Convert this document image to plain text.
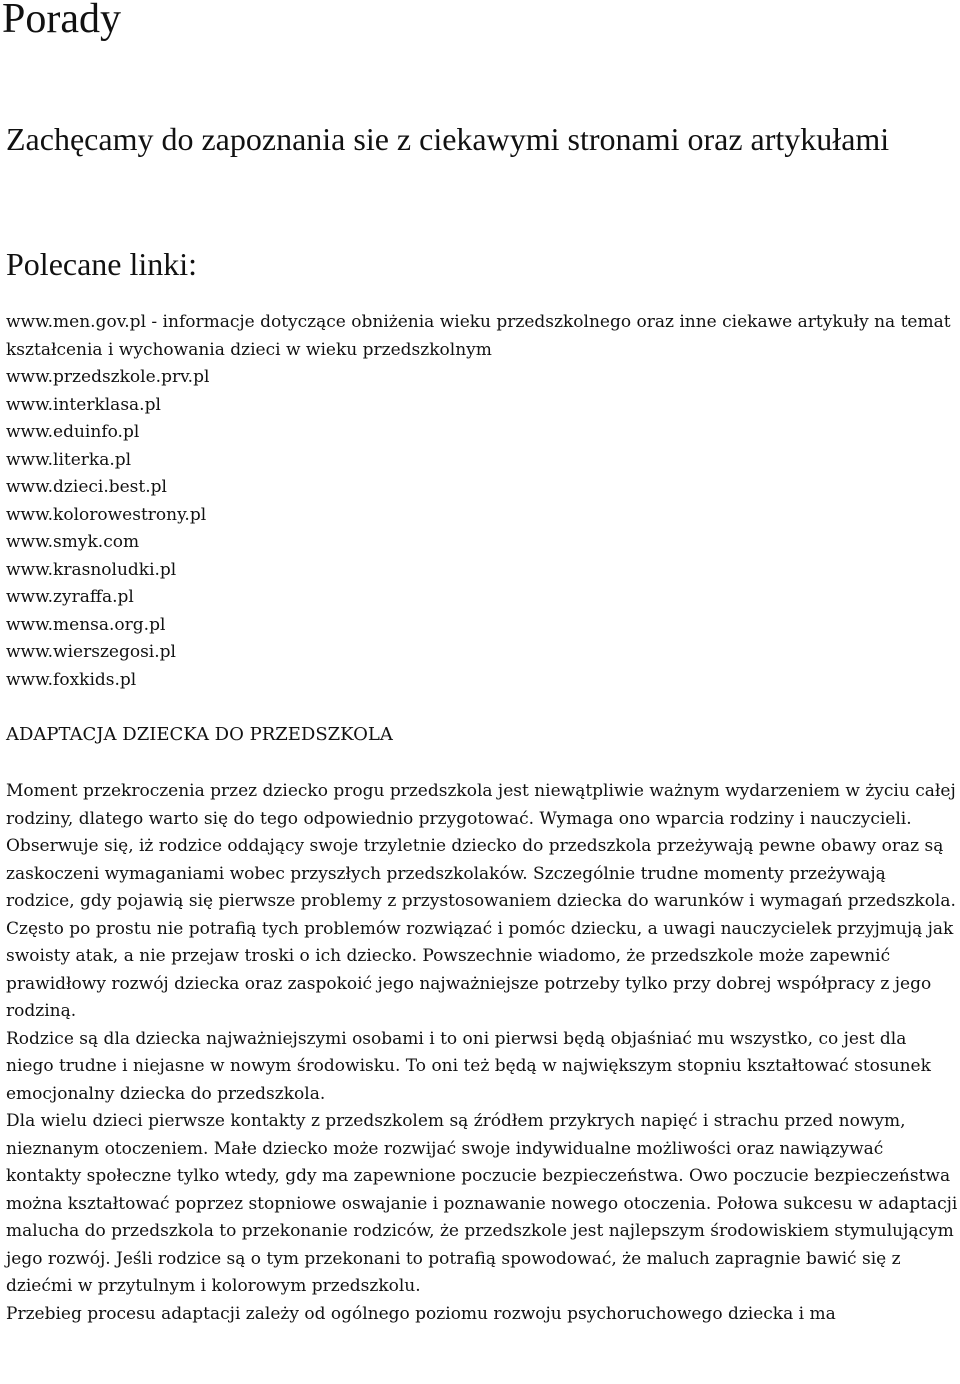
Porady
Zachęcamy do zapoznania sie z ciekawymi stronami oraz artykułami
Polecane linki:

www.men.gov.pl - informacje dotyczące obniżenia wieku przedszkolnego oraz inne ciekawe artykuły na temat kształcenia i wychowania dzieci w wieku przedszkolnym

www.przedszkole.prv.pl
www.interklasa.pl
www.eduinfo.pl
www.literka.pl
www.dzieci.best.pl
www.kolorowestrony.pl
www.smyk.com
www.krasnoludki.pl
www.zyraffa.pl
www.mensa.org.pl
www.wierszegosi.pl
www.foxkids.pl
ADAPTACJA DZIECKA DO PRZEDSZKOLA

Moment przekroczenia przez dziecko progu przedszkola jest niewątpliwie ważnym wydarzeniem w życiu całej rodziny, dlatego warto się do tego odpowiednio przygotować. Wymaga ono wparcia rodziny i nauczycieli. Obserwuje się, iż rodzice oddający swoje trzyletnie dziecko do przedszkola przeżywają pewne obawy oraz są zaskoczeni wymaganiami wobec przyszłych przedszkolaków. Szczególnie trudne momenty przeżywają rodzice, gdy pojawią się pierwsze problemy z przystosowaniem dziecka do warunków i wymagań przedszkola. Często po prostu nie potrafią tych problemów rozwiązać i pomóc dziecku, a uwagi nauczycielek przyjmują jak swoisty atak, a nie przejaw troski o ich dziecko. Powszechnie wiadomo, że przedszkole może zapewnić prawidłowy rozwój dziecka oraz zaspokoić jego najważniejsze potrzeby tylko przy dobrej współpracy z jego rodziną.

Rodzice są dla dziecka najważniejszymi osobami i to oni pierwsi będą objaśniać mu wszystko, co jest dla niego trudne i niejasne w nowym środowisku. To oni też będą w największym stopniu kształtować stosunek emocjonalny dziecka do przedszkola.

Dla wielu dzieci pierwsze kontakty z przedszkolem są źródłem przykrych napięć i strachu przed nowym, nieznanym otoczeniem. Małe dziecko może rozwijać swoje indywidualne możliwości oraz nawiązywać kontakty społeczne tylko wtedy, gdy ma zapewnione poczucie bezpieczeństwa. Owo poczucie bezpieczeństwa można kształtować poprzez stopniowe oswajanie i poznawanie nowego otoczenia. Połowa sukcesu w adaptacji malucha do przedszkola to przekonanie rodziców, że przedszkole jest najlepszym środowiskiem stymulującym jego rozwój. Jeśli rodzice są o tym przekonani to potrafią spowodować, że maluch zapragnie bawić się z dziećmi w przytulnym i kolorowym przedszkolu.

Przebieg procesu adaptacji zależy od ogólnego poziomu rozwoju psychoruchowego dziecka i ma
